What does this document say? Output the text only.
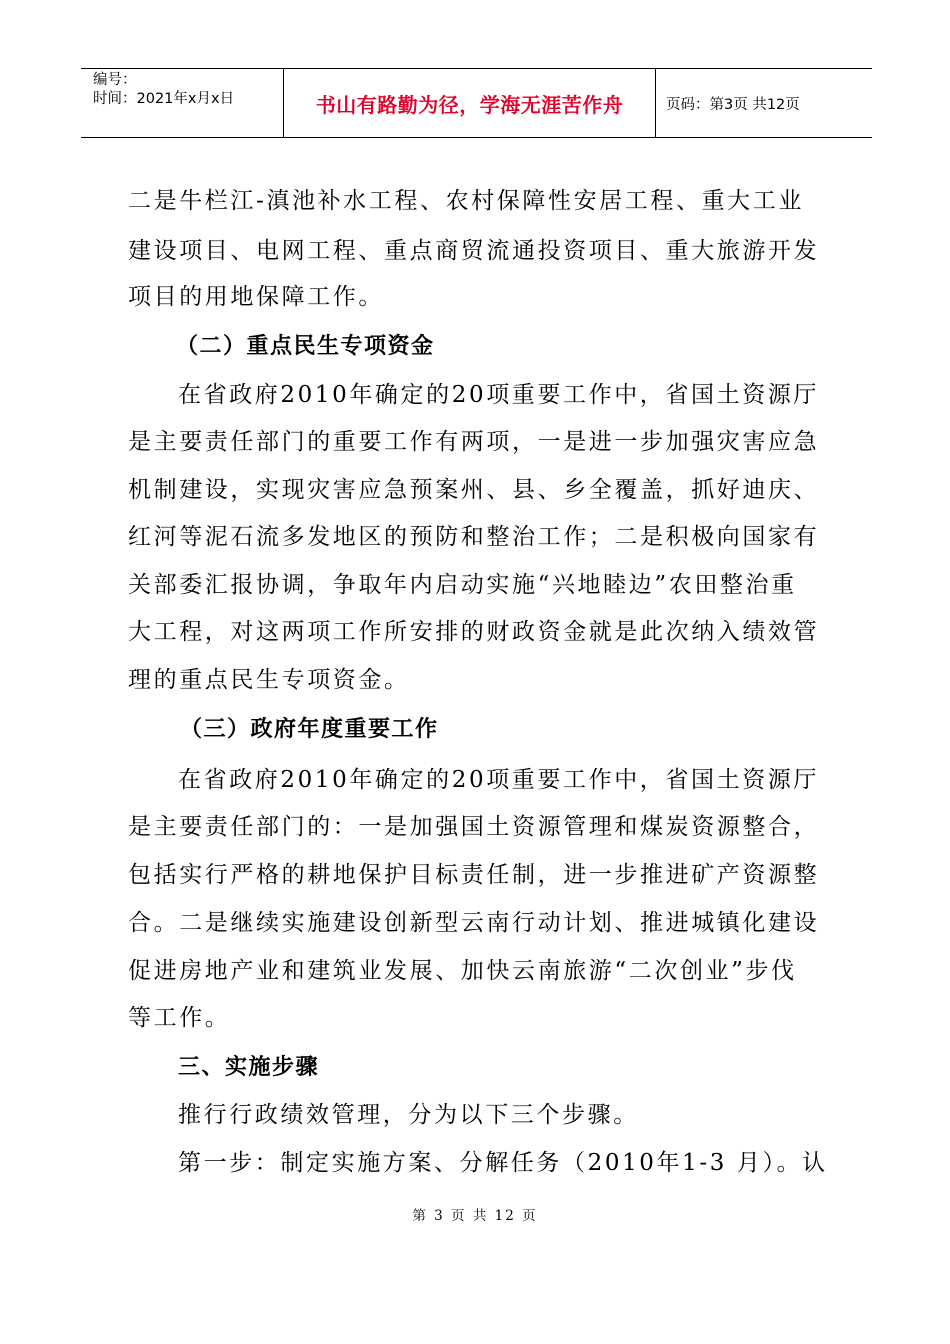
编号：
时间：2021年x月x日	书山有路勤为径，学海无涯苦作舟	页码：第3页 共12页
二是牛栏江-滇池补水工程、农村保障性安居工程、重大工业
建设项目、电网工程、重点商贸流通投资项目、重大旅游开发
项目的用地保障工作。
（二）重点民生专项资金
在省政府2010年确定的20项重要工作中，省国土资源厅
是主要责任部门的重要工作有两项，一是进一步加强灾害应急
机制建设，实现灾害应急预案州、县、乡全覆盖，抓好迪庆、
红河等泥石流多发地区的预防和整治工作；二是积极向国家有
关部委汇报协调，争取年内启动实施“兴地睦边”农田整治重
大工程，对这两项工作所安排的财政资金就是此次纳入绩效管
理的重点民生专项资金。
（三）政府年度重要工作
在省政府2010年确定的20项重要工作中，省国土资源厅
是主要责任部门的：一是加强国土资源管理和煤炭资源整合，
包括实行严格的耕地保护目标责任制，进一步推进矿产资源整
合。二是继续实施建设创新型云南行动计划、推进城镇化建设
促进房地产业和建筑业发展、加快云南旅游“二次创业”步伐
等工作。
三、实施步骤
推行行政绩效管理，分为以下三个步骤。
第一步：制定实施方案、分解任务（2010年1-3 月）。认
第 3 页 共 12 页
